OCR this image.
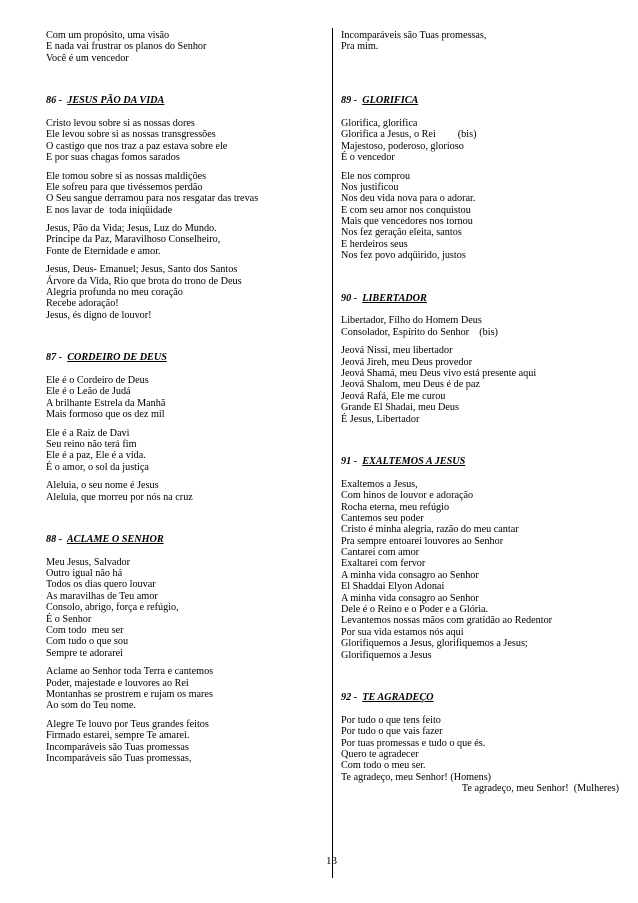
Com um propósito, uma visão
E nada vai frustrar os planos do Senhor
Você é um vencedor
86 - JESUS PÃO DA VIDA
Cristo levou sobre si as nossas dores
Ele levou sobre si as nossas transgressões
O castigo que nos traz a paz estava sobre ele
E por suas chagas fomos sarados
Ele tomou sobre si as nossas maldições
Ele sofreu para que tivéssemos perdão
O Seu sangue derramou para nos resgatar das trevas
E nos lavar de  toda iniqüidade
Jesus, Pão da Vida; Jesus, Luz do Mundo.
Príncipe da Paz, Maravilhoso Conselheiro,
Fonte de Eternidade e amor.
Jesus, Deus- Emanuel; Jesus, Santo dos Santos
Árvore da Vida, Rio que brota do trono de Deus
Alegria profunda no meu coração
Recebe adoração!
Jesus, és digno de louvor!
87 - CORDEIRO DE DEUS
Ele é o Cordeiro de Deus
Ele é o Leão de Judá
A brilhante Estrela da Manhã
Mais formoso que os dez mil
Ele é a Raiz de Davi
Seu reino não terá fim
Ele é a paz, Ele é a vida.
É o amor, o sol da justiça
Aleluia, o seu nome é Jesus
Aleluia, que morreu por nós na cruz
88 - ACLAME O SENHOR
Meu Jesus, Salvador
Outro igual não há
Todos os dias quero louvar
As maravilhas de Teu amor
Consolo, abrigo, força e refúgio,
É o Senhor
Com todo  meu ser
Com tudo o que sou
Sempre te adorarei
Aclame ao Senhor toda Terra e cantemos
Poder, majestade e louvores ao Rei
Montanhas se prostrem e rujam os mares
Ao som do Teu nome.
Alegre Te louvo por Teus grandes feitos
Firmado estarei, sempre Te amarei.
Incomparáveis são Tuas promessas
Incomparáveis são Tuas promessas,
Incomparáveis são Tuas promessas,
Pra mim.
89 - GLORIFICA
Glorifica, glorifica
Glorifica a Jesus, o Rei (bis)
Majestoso, poderoso, glorioso
É o vencedor
Ele nos comprou
Nos justificou
Nos deu vida nova para o adorar.
E com seu amor nos conquistou
Mais que vencedores nos tornou
Nos fez geração eleita, santos
E herdeiros seus
Nos fez povo adqüirido, justos
90 - LIBERTADOR
Libertador, Filho do Homem Deus
Consolador, Espírito do Senhor    (bis)
Jeová Nissi, meu libertador
Jeová Jireh, meu Deus provedor
Jeová Shamá, meu Deus vivo está presente aqui
Jeová Shalom, meu Deus é de paz
Jeová Rafá, Ele me curou
Grande El Shadai, meu Deus
É Jesus, Libertador
91 - EXALTEMOS A JESUS
Exaltemos a Jesus,
Com hinos de louvor e adoração
Rocha eterna, meu refúgio
Cantemos seu poder
Cristo é minha alegria, razão do meu cantar
Pra sempre entoarei louvores ao Senhor
Cantarei com amor
Exaltarei com fervor
A minha vida consagro ao Senhor
El Shaddai Elyon Adonai
A minha vida consagro ao Senhor
Dele é o Reino e o Poder e a Glória.
Levantemos nossas mãos com gratidão ao Redentor
Por sua vida estamos nós aqui
Glorifiquemos a Jesus, glorifiquemos a Jesus;
Glorifiquemos a Jesus
92 - TE AGRADEÇO
Por tudo o que tens feito
Por tudo o que vais fazer
Por tuas promessas e tudo o que és.
Quero te agradecer
Com todo o meu ser.
Te agradeço, meu Senhor! (Homens)
Te agradeço, meu Senhor!  (Mulheres)
13
